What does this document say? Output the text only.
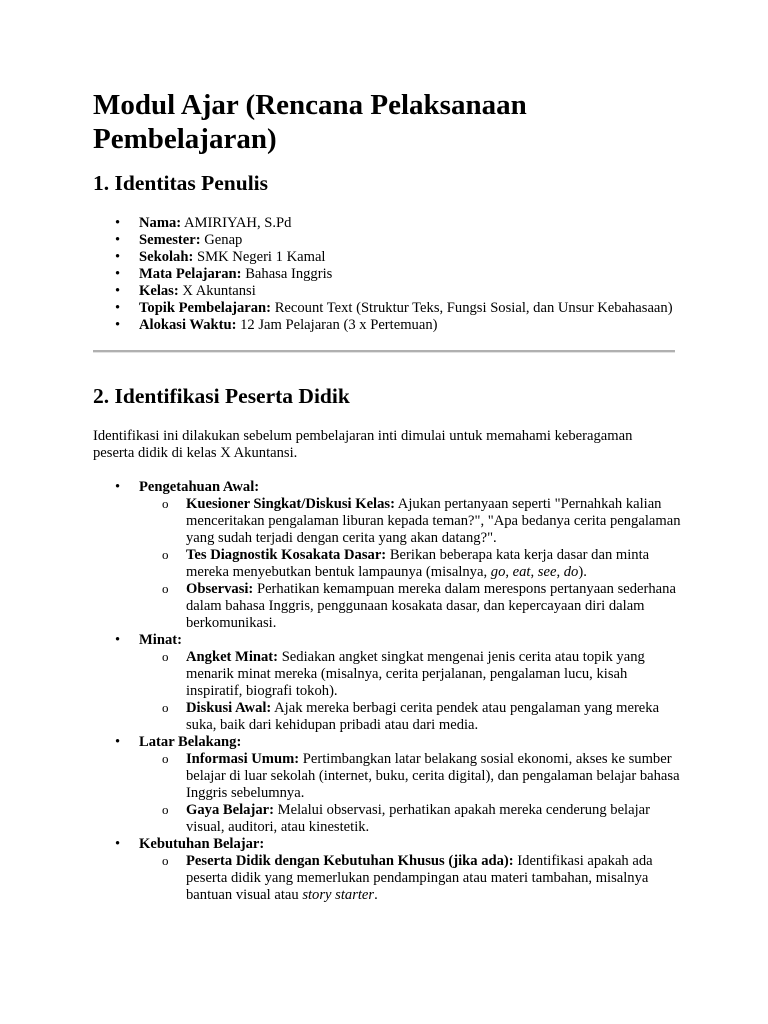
Modul Ajar (Rencana Pelaksanaan Pembelajaran)
1. Identitas Penulis
• Nama: AMIRIYAH, S.Pd
• Semester: Genap
• Sekolah: SMK Negeri 1 Kamal
• Mata Pelajaran: Bahasa Inggris
• Kelas: X Akuntansi
• Topik Pembelajaran: Recount Text (Struktur Teks, Fungsi Sosial, dan Unsur Kebahasaan)
• Alokasi Waktu: 12 Jam Pelajaran (3 x Pertemuan)
2. Identifikasi Peserta Didik

Identifikasi ini dilakukan sebelum pembelajaran inti dimulai untuk memahami keberagaman peserta didik di kelas X Akuntansi.

• Pengetahuan Awal:
o Kuesioner Singkat/Diskusi Kelas: Ajukan pertanyaan seperti "Pernahkah kalian menceritakan pengalaman liburan kepada teman?", "Apa bedanya cerita pengalaman yang sudah terjadi dengan cerita yang akan datang?".
o Tes Diagnostik Kosakata Dasar: Berikan beberapa kata kerja dasar dan minta mereka menyebutkan bentuk lampaunya (misalnya, go, eat, see, do).
o Observasi: Perhatikan kemampuan mereka dalam merespons pertanyaan sederhana dalam bahasa Inggris, penggunaan kosakata dasar, dan kepercayaan diri dalam berkomunikasi.
• Minat:
o Angket Minat: Sediakan angket singkat mengenai jenis cerita atau topik yang menarik minat mereka (misalnya, cerita perjalanan, pengalaman lucu, kisah inspiratif, biografi tokoh).
o Diskusi Awal: Ajak mereka berbagi cerita pendek atau pengalaman yang mereka suka, baik dari kehidupan pribadi atau dari media.
• Latar Belakang:
o Informasi Umum: Pertimbangkan latar belakang sosial ekonomi, akses ke sumber belajar di luar sekolah (internet, buku, cerita digital), dan pengalaman belajar bahasa Inggris sebelumnya.
o Gaya Belajar: Melalui observasi, perhatikan apakah mereka cenderung belajar visual, auditori, atau kinestetik.
• Kebutuhan Belajar:
o Peserta Didik dengan Kebutuhan Khusus (jika ada): Identifikasi apakah ada peserta didik yang memerlukan pendampingan atau materi tambahan, misalnya bantuan visual atau story starter.
